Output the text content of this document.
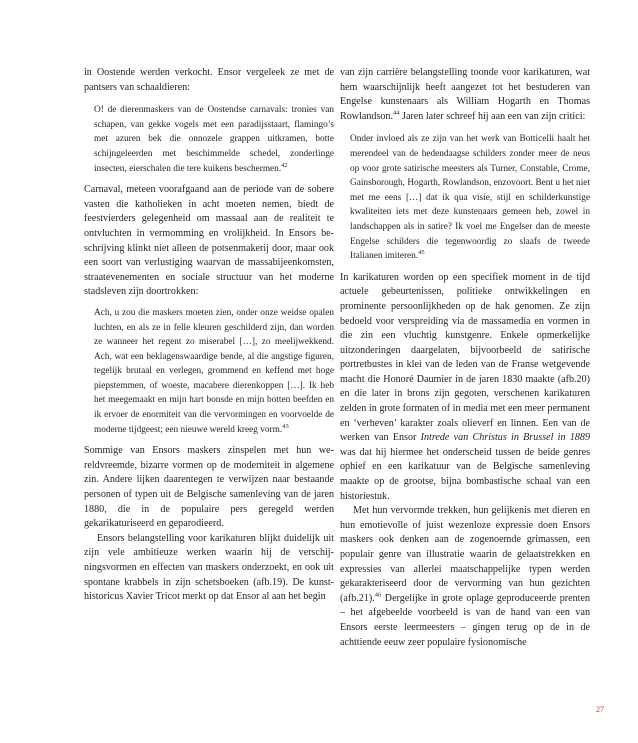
in Oostende werden verkocht. Ensor vergeleek ze met de pantsers van schaaldieren:

O! de dierenmaskers van de Oostendse carnavals: tronies van schapen, van gekke vogels met een paradijsstaart, flamingo’s met azuren bek die onnozele grappen uitkramen, botte schijngeleerden met beschimmelde schedel, zonderlinge insecten, eierschalen die tere kuikens beschermen.$^{42}$

Carnaval, meteen voorafgaand aan de periode van de sobere vasten die katholieken in acht moeten nemen, biedt de feestvierders gelegenheid om massaal aan de realiteit te ontvluchten in vermomming en vrolijkheid. In Ensors beschrijving klinkt niet alleen de potsenmakerij door, maar ook een soort van verlustiging waarvan de massabijeenkomsten, straatevenementen en sociale structuur van het moderne stadsleven zijn doortrokken:

Ach, u zou die maskers moeten zien, onder onze weidse opalen luchten, en als ze in felle kleuren geschilderd zijn, dan worden ze wanneer het regent zo miserabel […], zo meelijwekkend. Ach, wat een beklagenswaardige bende, al die angstige figuren, tegelijk brutaal en verlegen, grommend en keffend met hoge piepstemmen, of woeste, macabere dierenkoppen […]. Ik heb het meegemaakt en mijn hart bonsde en mijn botten beefden en ik ervoer de enormiteit van die vervormingen en voorvoelde de moderne tijdgeest; een nieuwe wereld kreeg vorm.$^{43}$

Sommige van Ensors maskers zinspelen met hun wereldvreemde, bizarre vormen op de moderniteit in algemene zin. Andere lijken daarentegen te verwijzen naar bestaande personen of typen uit de Belgische samenleving van de jaren 1880, die in de populaire pers geregeld werden gekarikaturiseerd en geparodieerd.

Ensors belangstelling voor karikaturen blijkt duidelijk uit zijn vele ambitieuze werken waarin hij de verschijningsvormen en effecten van maskers onderzoekt, en ook uit spontane krabbels in zijn schetsboeken (afb.19). De kunsthistoricus Xavier Tricot merkt op dat Ensor al aan het begin

van zijn carrière belangstelling toonde voor karikaturen, wat hem waarschijnlijk heeft aangezet tot het bestuderen van Engelse kunstenaars als William Hogarth en Thomas Rowlandson.$^{44}$ Jaren later schreef hij aan een van zijn critici:

Onder invloed als ze zijn van het werk van Botticelli haalt het merendeel van de hedendaagse schilders zonder meer de neus op voor grote satirische meesters als Turner, Constable, Crome, Gainsborough, Hogarth, Rowlandson, enzovoort. Bent u het niet met me eens […] dat ik qua visie, stijl en schilderkunstige kwaliteiten iets met deze kunstenaars gemeen heb, zowel in landschappen als in satire? Ik voel me Engelser dan de meeste Engelse schilders die tegenwoordig zo slaafs de tweede Italianen imiteren.$^{45}$

In karikaturen worden op een specifiek moment in de tijd actuele gebeurtenissen, politieke ontwikkelingen en prominente persoonlijkheden op de hak genomen. Ze zijn bedoeld voor verspreiding via de massamedia en vormen in die zin een vluchtig kunstgenre. Enkele opmerkelijke uitzonderingen daargelaten, bijvoorbeeld de satirische portretbustes in klei van de leden van de Franse wetgevende macht die Honoré Daumier in de jaren 1830 maakte (afb.20) en die later in brons zijn gegoten, verschenen karikaturen zelden in grote formaten of in media met een meer permanent en ‘verheven’ karakter zoals olieverf en linnen. Een van de werken van Ensor Intrede van Christus in Brussel in 1889 was dat hij hiermee het onderscheid tussen de beide genres ophief en een karikatuur van de Belgische samenleving maakte op de grootse, bijna bombastische schaal van een historiestuk.

Met hun vervormde trekken, hun gelijkenis met dieren en hun emotievolle of juist wezenloze expressie doen Ensors maskers ook denken aan de zogenoemde grimassen, een populair genre van illustratie waarin de gelaatstrekken en expressies van allerlei maatschappelijke typen werden gekarakteriseerd door de vervorming van hun gezichten (afb.21).$^{46}$ Dergelijke in grote oplage geproduceerde prenten – het afgebeelde voorbeeld is van de hand van een van Ensors eerste leermeesters – gingen terug op de in de achttiende eeuw zeer populaire fysionomische

27
